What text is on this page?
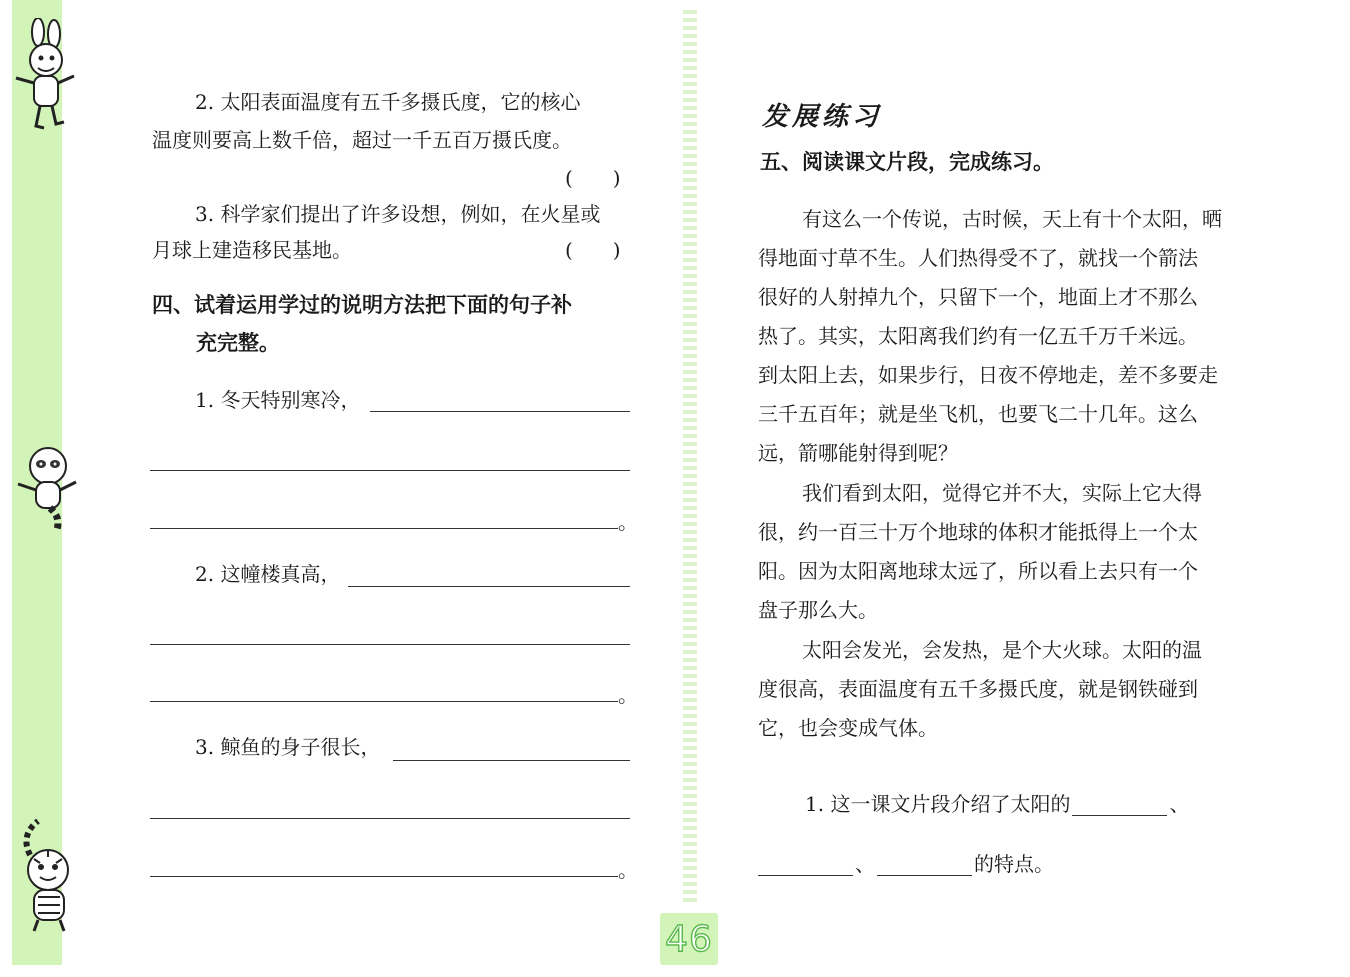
2. 太阳表面温度有五千多摄氏度，它的核心
温度则要高上数千倍，超过一千五百万摄氏度。
(　　)
3. 科学家们提出了许多设想，例如，在火星或
月球上建造移民基地。	(　　)
四、试着运用学过的说明方法把下面的句子补
充完整。
1. 冬天特别寒冷，
。
2. 这幢楼真高，
。
3. 鲸鱼的身子很长，
。
发展练习
五、阅读课文片段，完成练习。
有这么一个传说，古时候，天上有十个太阳，晒
得地面寸草不生。人们热得受不了，就找一个箭法
很好的人射掉九个，只留下一个，地面上才不那么
热了。其实，太阳离我们约有一亿五千万千米远。
到太阳上去，如果步行，日夜不停地走，差不多要走
三千五百年；就是坐飞机，也要飞二十几年。这么
远，箭哪能射得到呢？
我们看到太阳，觉得它并不大，实际上它大得
很，约一百三十万个地球的体积才能抵得上一个太
阳。因为太阳离地球太远了，所以看上去只有一个
盘子那么大。
太阳会发光，会发热，是个大火球。太阳的温
度很高，表面温度有五千多摄氏度，就是钢铁碰到
它，也会变成气体。
1. 这一课文片段介绍了太阳的	、
、	的特点。
46
